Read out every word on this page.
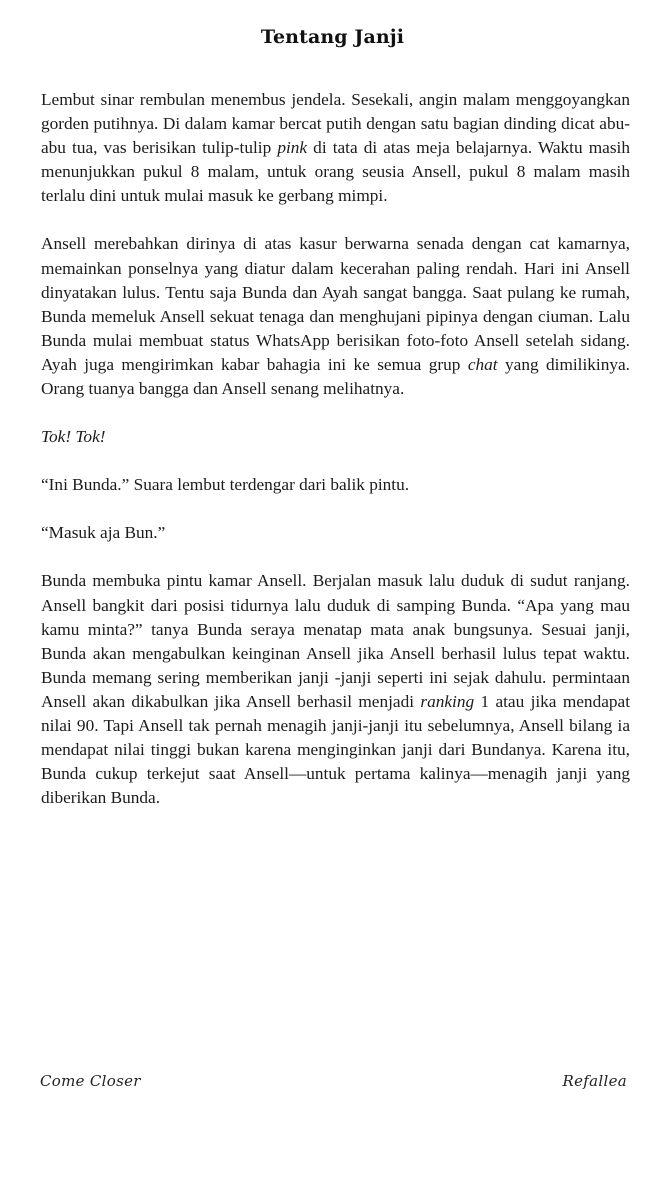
Tentang Janji

Lembut sinar rembulan menembus jendela. Sesekali, angin malam menggoyangkan gorden putihnya. Di dalam kamar bercat putih dengan satu bagian dinding dicat abu-abu tua, vas berisikan tulip-tulip pink di tata di atas meja belajarnya. Waktu masih menunjukkan pukul 8 malam, untuk orang seusia Ansell, pukul 8 malam masih terlalu dini untuk mulai masuk ke gerbang mimpi.

Ansell merebahkan dirinya di atas kasur berwarna senada dengan cat kamarnya, memainkan ponselnya yang diatur dalam kecerahan paling rendah. Hari ini Ansell dinyatakan lulus. Tentu saja Bunda dan Ayah sangat bangga. Saat pulang ke rumah, Bunda memeluk Ansell sekuat tenaga dan menghujani pipinya dengan ciuman. Lalu Bunda mulai membuat status WhatsApp berisikan foto-foto Ansell setelah sidang. Ayah juga mengirimkan kabar bahagia ini ke semua grup chat yang dimilikinya. Orang tuanya bangga dan Ansell senang melihatnya.

Tok! Tok!

“Ini Bunda.” Suara lembut terdengar dari balik pintu.

“Masuk aja Bun.”

Bunda membuka pintu kamar Ansell. Berjalan masuk lalu duduk di sudut ranjang. Ansell bangkit dari posisi tidurnya lalu duduk di samping Bunda. “Apa yang mau kamu minta?” tanya Bunda seraya menatap mata anak bungsunya. Sesuai janji, Bunda akan mengabulkan keinginan Ansell jika Ansell berhasil lulus tepat waktu. Bunda memang sering memberikan janji -janji seperti ini sejak dahulu. permintaan Ansell akan dikabulkan jika Ansell berhasil menjadi ranking 1 atau jika mendapat nilai 90. Tapi Ansell tak pernah menagih janji-janji itu sebelumnya, Ansell bilang ia mendapat nilai tinggi bukan karena menginginkan janji dari Bundanya. Karena itu, Bunda cukup terkejut saat Ansell—untuk pertama kalinya—menagih janji yang diberikan Bunda.

Come Closer	Refallea
